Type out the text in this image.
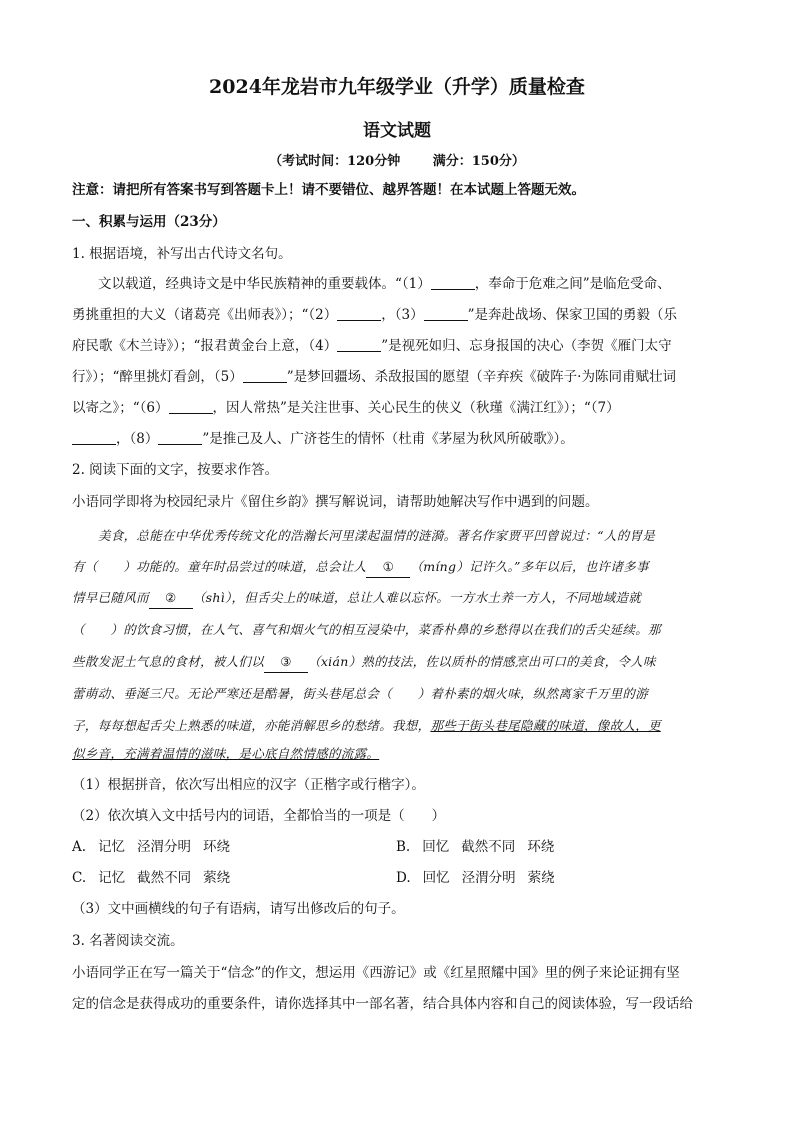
2024年龙岩市九年级学业（升学）质量检查
语文试题
（考试时间：120分钟	满分：150分）
注意：请把所有答案书写到答题卡上！请不要错位、越界答题！在本试题上答题无效。
一、积累与运用（23分）
1. 根据语境，补写出古代诗文名句。
文以载道，经典诗文是中华民族精神的重要载体。“（1）	，奉命于危难之间”是临危受命、
勇挑重担的大义（诸葛亮《出师表》）；“（2）	，（3）	”是奔赴战场、保家卫国的勇毅（乐
府民歌《木兰诗》）；“报君黄金台上意，（4）	”是视死如归、忘身报国的决心（李贺《雁门太守
行》）；“醉里挑灯看剑，（5）	”是梦回疆场、杀敌报国的愿望（辛弃疾《破阵子·为陈同甫赋壮词
以寄之》；“（6）	，因人常热”是关注世事、关心民生的侠义（秋瑾《满江红》）；“（7）
，（8）	”是推己及人、广济苍生的情怀（杜甫《茅屋为秋风所破歌》）。
2. 阅读下面的文字，按要求作答。
小语同学即将为校园纪录片《留住乡韵》撰写解说词，请帮助她解决写作中遇到的问题。
美食，总能在中华优秀传统文化的浩瀚长河里漾起温情的涟漪。著名作家贾平凹曾说过：“人的胃是
有（　　）功能的。童年时品尝过的味道，总会让人 ① （míng）记许久。”多年以后，也许诸多事
情早已随风而 ② （shì），但舌尖上的味道，总让人难以忘怀。一方水土养一方人，不同地域造就
（　　）的饮食习惯，在人气、喜气和烟火气的相互浸染中，菜香朴鼻的乡愁得以在我们的舌尖延续。那
些散发泥土气息的食材，被人们以 ③ （xián）熟的技法，佐以质朴的情感烹出可口的美食，令人味
蕾萌动、垂涎三尺。无论严寒还是酷暑，街头巷尾总会（　　）着朴素的烟火味，纵然离家千万里的游
子，每每想起舌尖上熟悉的味道，亦能消解思乡的愁绪。我想，那些于街头巷尾隐藏的味道，像故人，更
似乡音，充满着温情的滋味，是心底自然情感的流露。
（1）根据拼音，依次写出相应的汉字（正楷字或行楷字）。
（2）依次填入文中括号内的词语，全都恰当的一项是（　　）
A. 记忆 泾渭分明 环绕	B. 回忆 截然不同 环绕
C. 记忆 截然不同 萦绕	D. 回忆 泾渭分明 萦绕
（3）文中画横线的句子有语病，请写出修改后的句子。
3. 名著阅读交流。
小语同学正在写一篇关于“信念”的作文，想运用《西游记》或《红星照耀中国》里的例子来论证拥有坚
定的信念是获得成功的重要条件，请你选择其中一部名著，结合具体内容和自己的阅读体验，写一段话给
